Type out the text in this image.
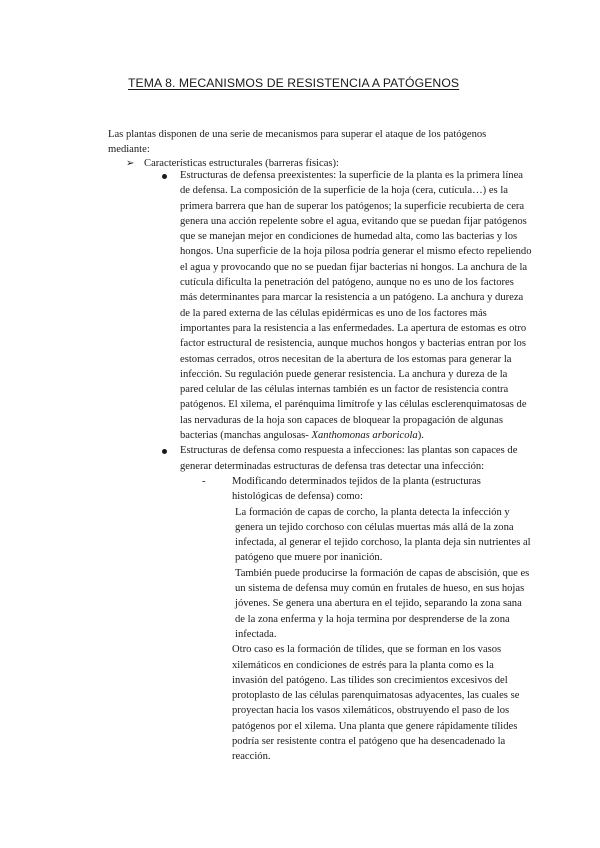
TEMA 8. MECANISMOS DE RESISTENCIA A PATÓGENOS

Las plantas disponen de una serie de mecanismos para superar el ataque de los patógenos mediante:

➢ Características estructurales (barreras físicas):
Estructuras de defensa preexistentes: la superficie de la planta es la primera línea de defensa. La composición de la superficie de la hoja (cera, cutícula…) es la primera barrera que han de superar los patógenos; la superficie recubierta de cera genera una acción repelente sobre el agua, evitando que se puedan fijar patógenos que se manejan mejor en condiciones de humedad alta, como las bacterias y los hongos. Una superficie de la hoja pilosa podría generar el mismo efecto repeliendo el agua y provocando que no se puedan fijar bacterias ni hongos. La anchura de la cutícula dificulta la penetración del patógeno, aunque no es uno de los factores más determinantes para marcar la resistencia a un patógeno. La anchura y dureza de la pared externa de las células epidérmicas es uno de los factores más importantes para la resistencia a las enfermedades. La apertura de estomas es otro factor estructural de resistencia, aunque muchos hongos y bacterias entran por los estomas cerrados, otros necesitan de la abertura de los estomas para generar la infección. Su regulación puede generar resistencia. La anchura y dureza de la pared celular de las células internas también es un factor de resistencia contra patógenos. El xilema, el parénquima limítrofe y las células esclerenquimatosas de las nervaduras de la hoja son capaces de bloquear la propagación de algunas bacterias (manchas angulosas- Xanthomonas arboricola).
Estructuras de defensa como respuesta a infecciones: las plantas son capaces de generar determinadas estructuras de defensa tras detectar una infección:
- Modificando determinados tejidos de la planta (estructuras histológicas de defensa) como:

La formación de capas de corcho, la planta detecta la infección y genera un tejido corchoso con células muertas más allá de la zona infectada, al generar el tejido corchoso, la planta deja sin nutrientes al patógeno que muere por inanición.

También puede producirse la formación de capas de abscisión, que es un sistema de defensa muy común en frutales de hueso, en sus hojas jóvenes. Se genera una abertura en el tejido, separando la zona sana de la zona enferma y la hoja termina por desprenderse de la zona infectada.

Otro caso es la formación de tílides, que se forman en los vasos xilemáticos en condiciones de estrés para la planta como es la invasión del patógeno. Las tílides son crecimientos excesivos del protoplasto de las células parenquimatosas adyacentes, las cuales se proyectan hacia los vasos xilemáticos, obstruyendo el paso de los patógenos por el xilema. Una planta que genere rápidamente tílides podría ser resistente contra el patógeno que ha desencadenado la reacción.
